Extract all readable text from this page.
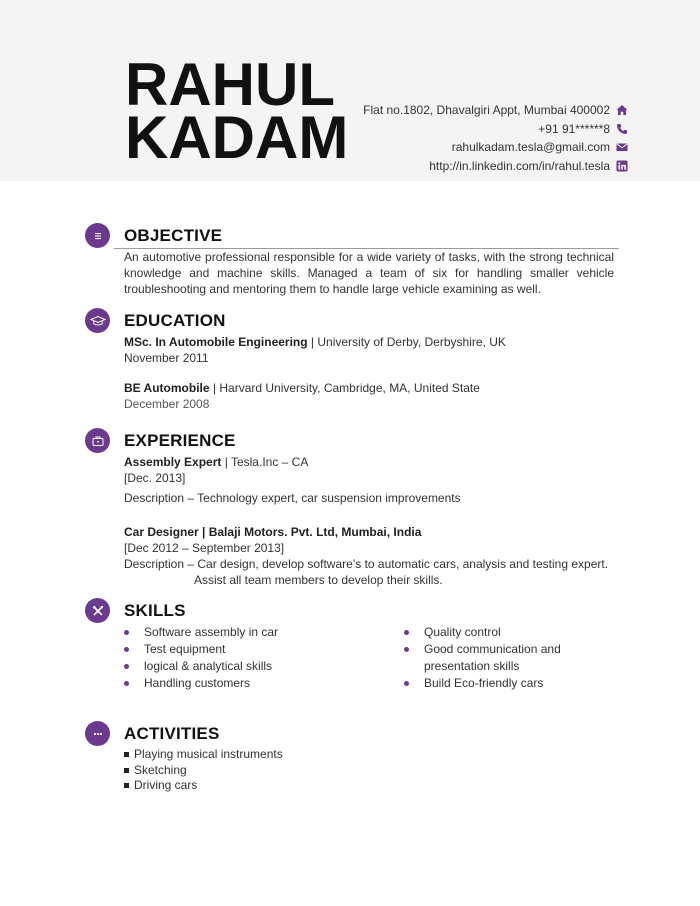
RAHUL
KADAM Flat no.1802, Dhavalgiri Appt, Mumbai 400002
+91 91******8
rahulkadam.tesla@gmail.com
http://in.linkedin.com/in/rahul.tesla
OBJECTIVE
An automotive professional responsible for a wide variety of tasks, with the strong technical knowledge and machine skills. Managed a team of six for handling smaller vehicle troubleshooting and mentoring them to handle large vehicle examining as well.
EDUCATION
MSc. In Automobile Engineering | University of Derby, Derbyshire, UK
November 2011
BE Automobile | Harvard University, Cambridge, MA, United State
December 2008
EXPERIENCE
Assembly Expert | Tesla.Inc – CA
[Dec. 2013]
Description – Technology expert, car suspension improvements
Car Designer | Balaji Motors. Pvt. Ltd, Mumbai, India
[Dec 2012 – September 2013]
Description – Car design, develop software’s to automatic cars, analysis and testing expert.
Assist all team members to develop their skills.
SKILLS
Software assembly in car
Test equipment
logical & analytical skills
Handling customers
Quality control
Good communication and
presentation skills
Build Eco-friendly cars
ACTIVITIES
Playing musical instruments
Sketching
Driving cars
